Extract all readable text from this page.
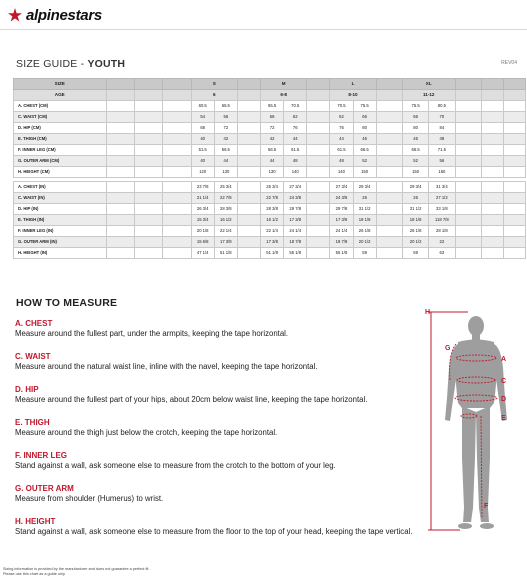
alpinestars
SIZE GUIDE - YOUTH	REV04
SIZE				S			M			L			XL				
AGE				6			6-8			8-10			11-12				
A. CHEST (CM)				60.5	65.5		65.5	70.5		70.5	75.5		75.5	80.5			
C. WAIST (CM)				54	56		58	62		62	66		66	70			
D. HIP (CM)				68	72		72	76		76	80		80	84			
E. THIGH (CM)				40	42		42	44		44	46		46	48			
F. INNER LEG (CM)				51.5	56.5		56.5	61.5		61.5	66.5		66.5	71.5			
G. OUTER ARM (CM)				40	44		44	48		48	52		52	56			
H. HEIGHT (CM)				120	130		130	140		140	150		150	160			

A. CHEST (IN)				23 7/8	25 3/4		25 3/4	27 3/4		27 3/4	29 3/4		29 3/4	31 3/4			
C. WAIST (IN)				21 1/4	22 7/8		22 7/8	24 3/8		24 3/8	26		26	27 1/2			
D. HIP (IN)				26 3/4	28 3/8		28 3/8	29 7/8		29 7/8	31 1/2		31 1/2	33 1/8			
E. THIGH (IN)				15 3/4	16 1/2		16 1/2	17 3/8		17 3/8	18 1/8		18 1/8	118 7/8			
F. INNER LEG (IN)				20 1/8	22 1/4		22 1/4	24 1/4		24 1/4	26 1/8		26 1/8	28 1/8			
G. OUTER ARM (IN)				15 6/8	17 3/8		17 3/8	18 7/8		18 7/8	20 1/2		20 1/2	22			
H. HEIGHT (IN)				47 1/4	51 1/8		51 1/8	55 1/8		55 1/8	59		59	63			
HOW TO MEASURE
A. CHEST
Measure around the fullest part, under the armpits, keeping the tape horizontal.
C. WAIST
Measure around the natural waist line, inline with the navel, keeping the tape horizontal.
D. HIP
Measure around the fullest part of your hips, about 20cm below waist line, keeping the tape horizontal.
E. THIGH
Measure around the thigh just below the crotch, keeping the tape horizontal.
F. INNER LEG
Stand against a wall, ask someone else to measure from the crotch to the bottom of your leg.
G. OUTER ARM
Measure from shoulder (Humerus) to wrist.
H. HEIGHT
Stand against a wall, ask someone else to measure from the floor to the top of your head, keeping the tape vertical.
H
G
A
C
D
E
F
Sizing information is provided by the manufacturer and does not guarantee a perfect fit.
Please use this chart as a guide only.
